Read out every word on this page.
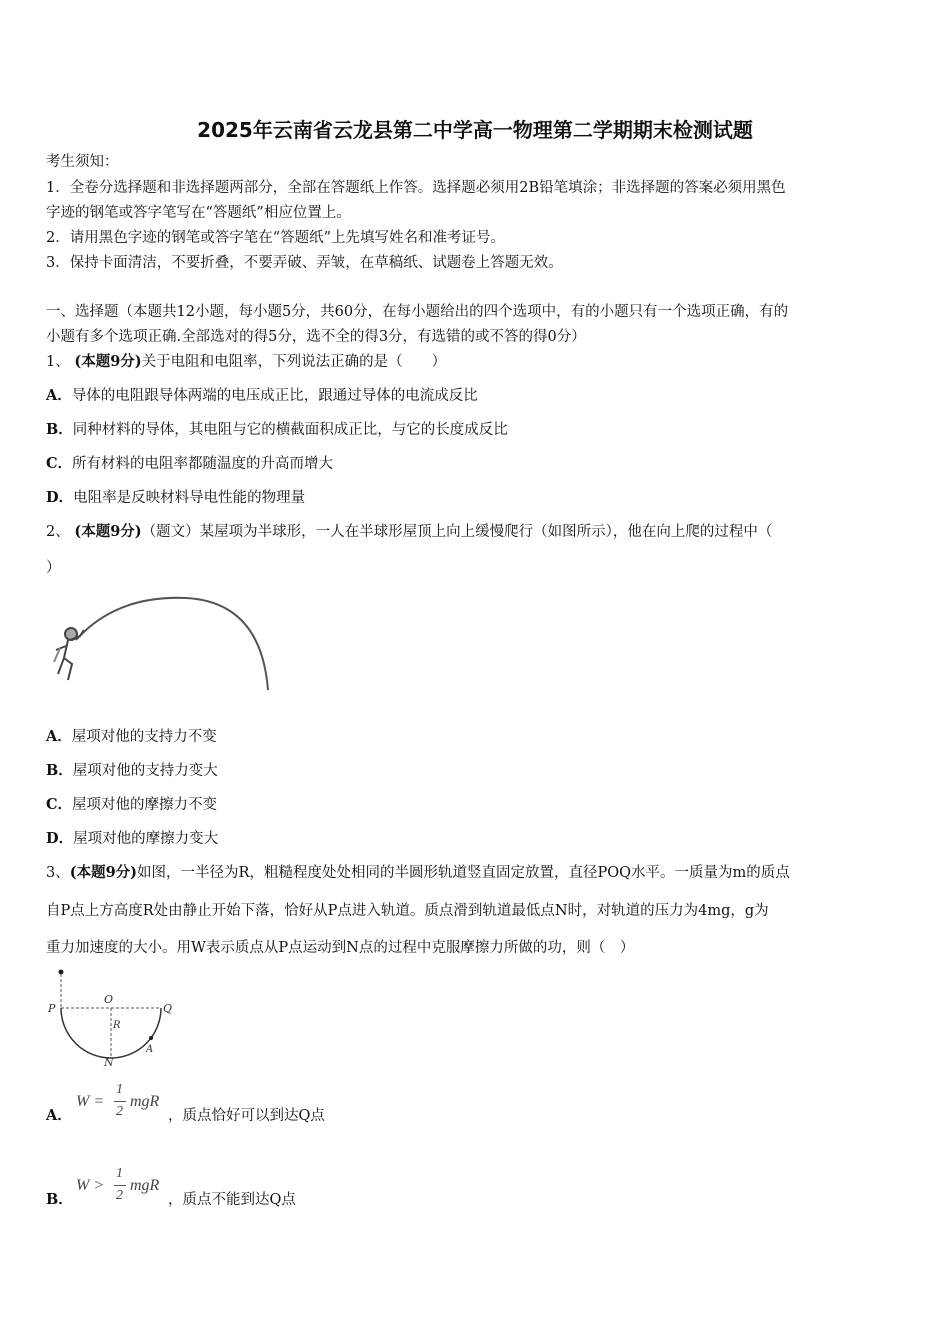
2025年云南省云龙县第二中学高一物理第二学期期末检测试题
考生须知：
1．全卷分选择题和非选择题两部分，全部在答题纸上作答。选择题必须用2B铅笔填涂；非选择题的答案必须用黑色
字迹的钢笔或答字笔写在“答题纸”相应位置上。
2．请用黑色字迹的钢笔或答字笔在“答题纸”上先填写姓名和准考证号。
3．保持卡面清洁，不要折叠，不要弄破、弄皱，在草稿纸、试题卷上答题无效。
一、选择题（本题共12小题，每小题5分，共60分，在每小题给出的四个选项中，有的小题只有一个选项正确，有的
小题有多个选项正确.全部选对的得5分，选不全的得3分，有选错的或不答的得0分）
1、 (本题9分)关于电阻和电阻率，下列说法正确的是（　　）
A．导体的电阻跟导体两端的电压成正比，跟通过导体的电流成反比
B．同种材料的导体，其电阻与它的横截面积成正比，与它的长度成反比
C．所有材料的电阻率都随温度的升高而增大
D．电阻率是反映材料导电性能的物理量
2、 (本题9分)（题文）某屋项为半球形，一人在半球形屋顶上向上缓慢爬行（如图所示），他在向上爬的过程中（
）
A．屋项对他的支持力不变
B．屋项对他的支持力变大
C．屋项对他的摩擦力不变
D．屋项对他的摩擦力变大
3、(本题9分)如图，一半径为R，粗糙程度处处相同的半圆形轨道竖直固定放置，直径POQ水平。一质量为m的质点
自P点上方高度R处由静止开始下落，恰好从P点进入轨道。质点滑到轨道最低点N时，对轨道的压力为4mg，g为
重力加速度的大小。用W表示质点从P点运动到N点的过程中克服摩擦力所做的功，则（　）
P
O
Q
R
N
A
A．
W =
1
2
mgR
，质点恰好可以到达Q点
B．
W >
1
2
mgR
，质点不能到达Q点
